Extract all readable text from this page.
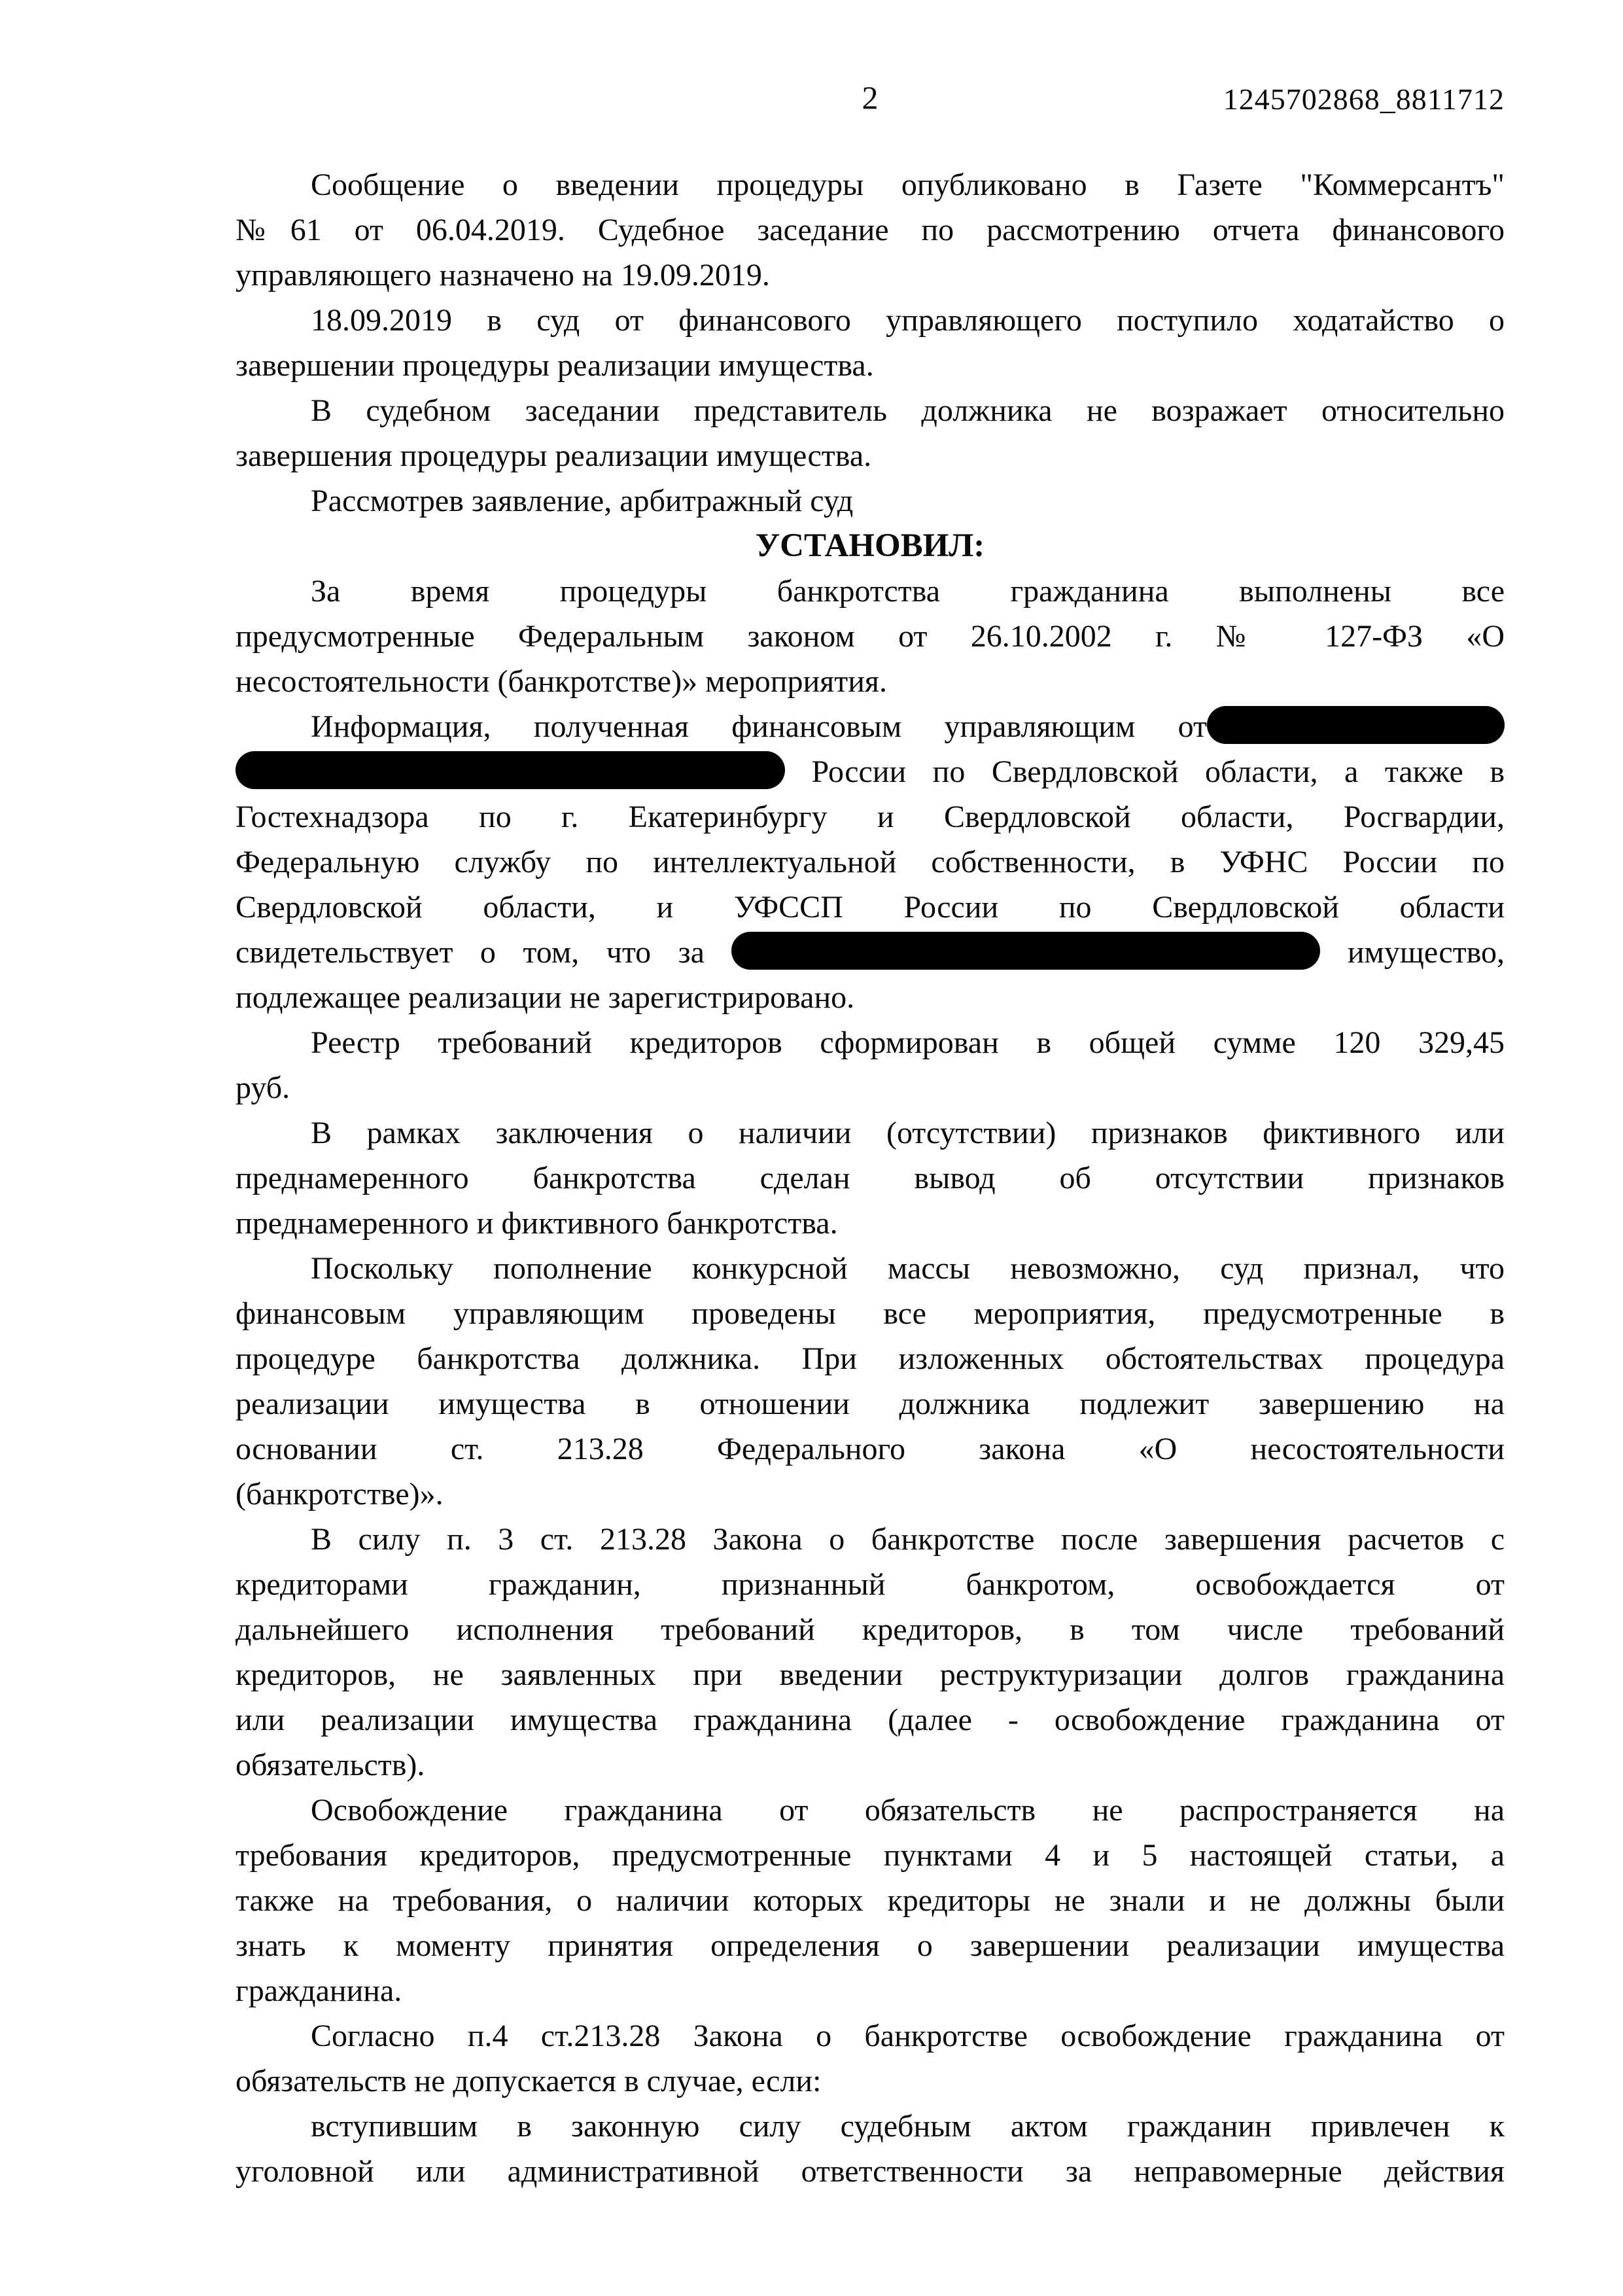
2	1245702868_8811712
Сообщение о введении процедуры опубликовано в Газете "Коммерсантъ"
№61 от 06.04.2019. Судебное заседание по рассмотрению отчета финансового
управляющего назначено на 19.09.2019.
18.09.2019 в суд от финансового управляющего поступило ходатайство о
завершении процедуры реализации имущества.
В судебном заседании представитель должника не возражает относительно
завершения процедуры реализации имущества.
Рассмотрев заявление, арбитражный суд
УСТАНОВИЛ:
За время процедуры банкротства гражданина выполнены все
предусмотренные Федеральным законом от 26.10.2002 г. № 127-ФЗ «О
несостоятельности (банкротстве)» мероприятия.
Информация, полученная финансовым управляющим от
России по Свердловской области, а также в
Гостехнадзора по г. Екатеринбургу и Свердловской области, Росгвардии,
Федеральную службу по интеллектуальной собственности, в УФНС России по
Свердловской области, и УФССП России по Свердловской области
свидетельствует о том, что за	имущество,
подлежащее реализации не зарегистрировано.
Реестр требований кредиторов сформирован в общей сумме 120 329,45
руб.
В рамках заключения о наличии (отсутствии) признаков фиктивного или
преднамеренного банкротства сделан вывод об отсутствии признаков
преднамеренного и фиктивного банкротства.
Поскольку пополнение конкурсной массы невозможно, суд признал, что
финансовым управляющим проведены все мероприятия, предусмотренные в
процедуре банкротства должника. При изложенных обстоятельствах процедура
реализации имущества в отношении должника подлежит завершению на
основании ст. 213.28 Федерального закона «О несостоятельности
(банкротстве)».
В силу п. 3 ст. 213.28 Закона о банкротстве после завершения расчетов с
кредиторами гражданин, признанный банкротом, освобождается от
дальнейшего исполнения требований кредиторов, в том числе требований
кредиторов, не заявленных при введении реструктуризации долгов гражданина
или реализации имущества гражданина (далее - освобождение гражданина от
обязательств).
Освобождение гражданина от обязательств не распространяется на
требования кредиторов, предусмотренные пунктами 4 и 5 настоящей статьи, а
также на требования, о наличии которых кредиторы не знали и не должны были
знать к моменту принятия определения о завершении реализации имущества
гражданина.
Согласно п.4 ст.213.28 Закона о банкротстве освобождение гражданина от
обязательств не допускается в случае, если:
вступившим в законную силу судебным актом гражданин привлечен к
уголовной или административной ответственности за неправомерные действия
